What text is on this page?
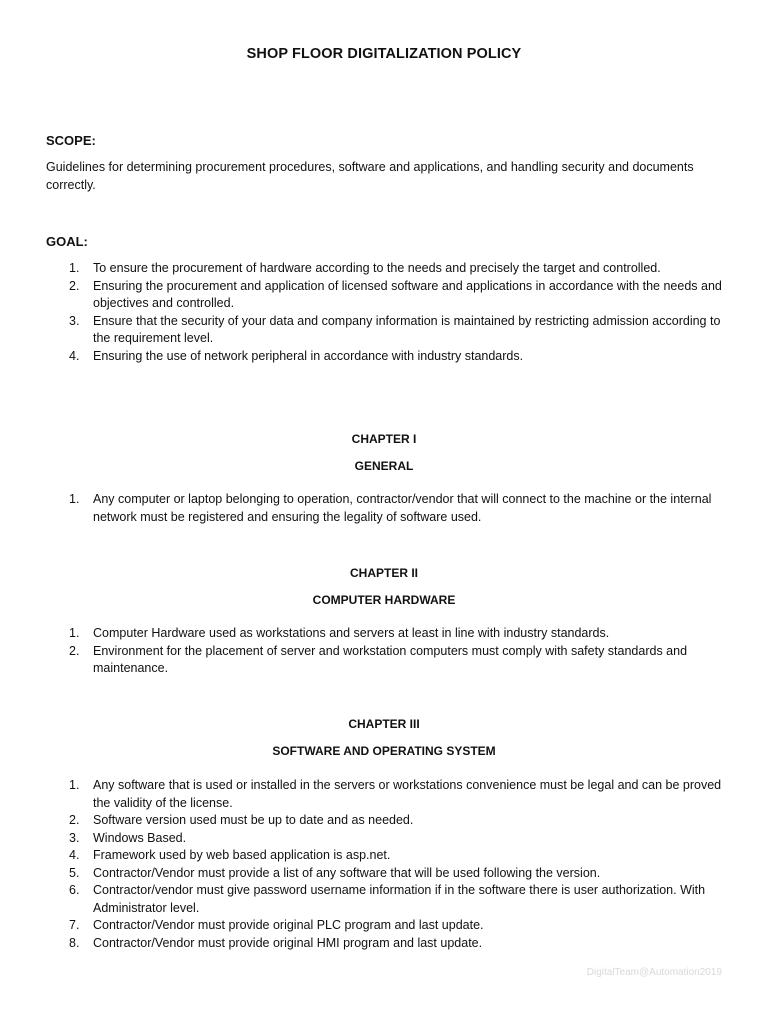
SHOP FLOOR DIGITALIZATION POLICY
SCOPE:
Guidelines for determining procurement procedures, software and applications, and handling security and documents correctly.
GOAL:
1. To ensure the procurement of hardware according to the needs and precisely the target and controlled.
2. Ensuring the procurement and application of licensed software and applications in accordance with the needs and objectives and controlled.
3. Ensure that the security of your data and company information is maintained by restricting admission according to the requirement level.
4. Ensuring the use of network peripheral in accordance with industry standards.
CHAPTER I
GENERAL
1. Any computer or laptop belonging to operation, contractor/vendor that will connect to the machine or the internal network must be registered and ensuring the legality of software used.
CHAPTER II
COMPUTER HARDWARE
1. Computer Hardware used as workstations and servers at least in line with industry standards.
2. Environment for the placement of server and workstation computers must comply with safety standards and maintenance.
CHAPTER III
SOFTWARE AND OPERATING SYSTEM
1. Any software that is used or installed in the servers or workstations convenience must be legal and can be proved the validity of the license.
2. Software version used must be up to date and as needed.
3. Windows Based.
4. Framework used by web based application is asp.net.
5. Contractor/Vendor must provide a list of any software that will be used following the version.
6. Contractor/vendor must give password username information if in the software there is user authorization. With Administrator level.
7. Contractor/Vendor must provide original PLC program and last update.
8. Contractor/Vendor must provide original HMI program and last update.
DigitalTeam@Automation2019
